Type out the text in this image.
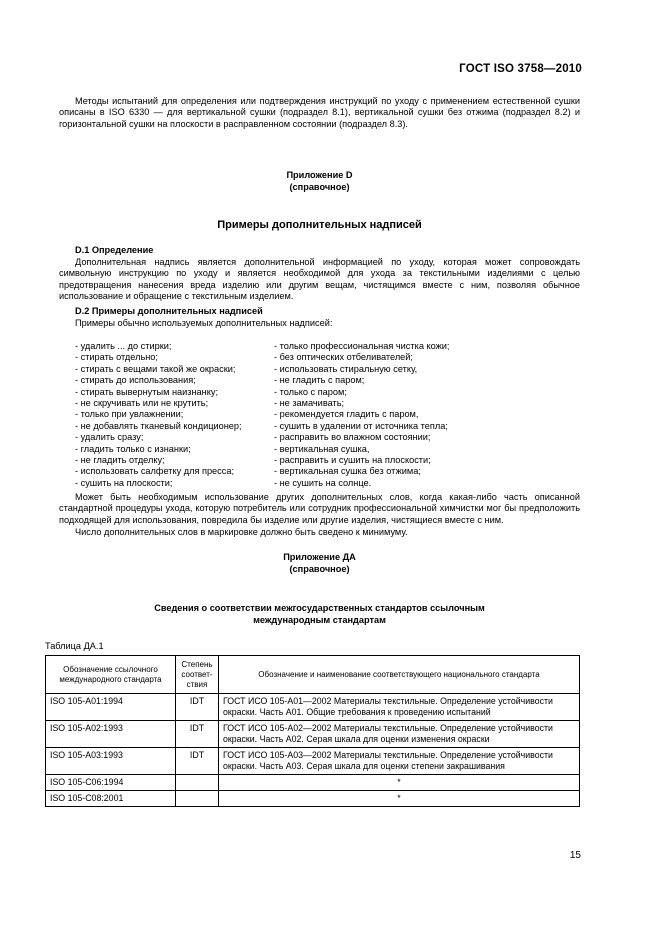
ГОСТ ISO 3758—2010

Методы испытаний для определения или подтверждения инструкций по уходу с применением естественной сушки описаны в ISO 6330 — для вертикальной сушки (подраздел 8.1), вертикальной сушки без отжима (подраздел 8.2) и горизонтальной сушки на плоскости в расправленном состоянии (подраздел 8.3).

Приложение D
(справочное)
Примеры дополнительных надписей
D.1 Определение

Дополнительная надпись является дополнительной информацией по уходу, которая может сопровождать символьную инструкцию по уходу и является необходимой для ухода за текстильными изделиями с целью предотвращения нанесения вреда изделию или другим вещам, чистящимся вместе с ним, позволяя обычное использование и обращение с текстильным изделием.

D.2 Примеры дополнительных надписей
Примеры обычно используемых дополнительных надписей:
- удалить ... до стирки;
- стирать отдельно;
- стирать с вещами такой же окраски;
- стирать до использования;
- стирать вывернутым наизнанку;
- не скручивать или не крутить;
- только при увлажнении;
- не добавлять тканевый кондиционер;
- удалить сразу;
- гладить только с изнанки;
- не гладить отделку;
- использовать салфетку для пресса;
- сушить на плоскости;
- только профессиональная чистка кожи;
- без оптических отбеливателей;
- использовать стиральную сетку,
- не гладить с паром;
- только с паром;
- не замачивать;
- рекомендуется гладить с паром,
- сушить в удалении от источника тепла;
- расправить во влажном состоянии;
- вертикальная сушка,
- расправить и сушить на плоскости;
- вертикальная сушка без отжима;
- не сушить на солнце.

Может быть необходимым использование других дополнительных слов, когда какая-либо часть описанной стандартной процедуры ухода, которую потребитель или сотрудник профессиональной химчистки мог бы предположить подходящей для использования, повредила бы изделие или другие изделия, чистящиеся вместе с ним.

Число дополнительных слов в маркировке должно быть сведено к минимуму.

Приложение ДА
(справочное)
Сведения о соответствии межгосударственных стандартов ссылочным
международным стандартам
Таблица ДА.1
Обозначение ссылочного международного стандарта	Степень соответ-ствия	Обозначение и наименование соответствующего национального стандарта
ISO 105-A01:1994	IDT	ГОСТ ИСО 105-А01—2002 Материалы текстильные. Определение устойчивости окраски. Часть А01. Общие требования к проведению испытаний
ISO 105-A02:1993	IDT	ГОСТ ИСО 105-А02—2002 Материалы текстильные. Определение устойчивости окраски. Часть А02. Серая шкала для оценки изменения окраски
ISO 105-A03:1993	IDT	ГОСТ ИСО 105-А03—2002 Материалы текстильные. Определение устойчивости окраски. Часть А03. Серая шкала для оценки степени закрашивания
ISO 105-C06:1994		*
ISO 105-C08:2001		*
15
